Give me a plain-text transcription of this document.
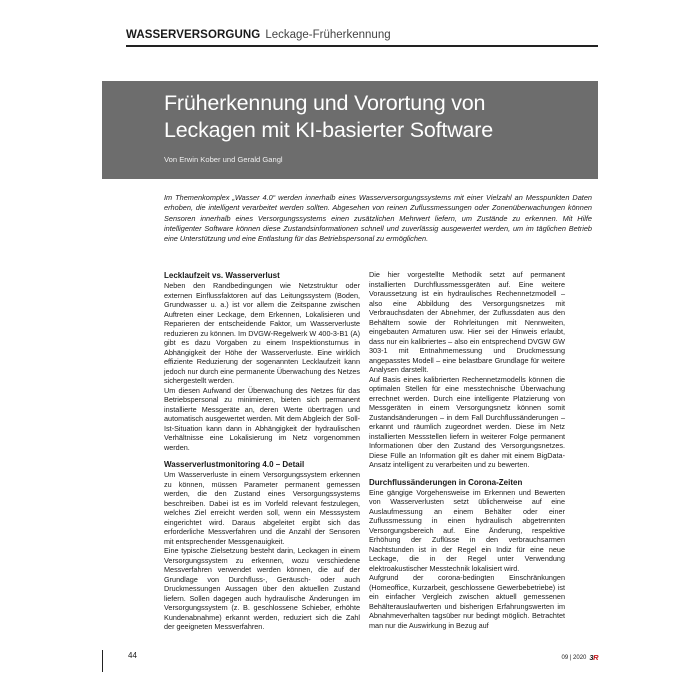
WASSERVERSORGUNG Leckage-Früherkennung
Früherkennung und Vorortung von
Leckagen mit KI-basierter Software
Von Erwin Kober und Gerald Gangl
Im Themenkomplex „Wasser 4.0“ werden innerhalb eines Wasserversorgungssystems mit einer Vielzahl an Messpunkten Daten erhoben, die intelligent verarbeitet werden sollten. Abgesehen von reinen Zuflussmessungen oder Zonenüberwachungen können Sensoren innerhalb eines Versorgungssystems einen zusätzlichen Mehrwert liefern, um Zustände zu erkennen. Mit Hilfe intelligenter Software können diese Zustandsinformationen schnell und zuverlässig ausgewertet werden, um im täglichen Betrieb eine Unterstützung und eine Entlastung für das Betriebspersonal zu ermöglichen.
Lecklaufzeit vs. Wasserverlust

Neben den Randbedingungen wie Netzstruktur oder externen Einflussfaktoren auf das Leitungssystem (Boden, Grundwasser u. a.) ist vor allem die Zeitspanne zwischen Auftreten einer Leckage, dem Erkennen, Lokalisieren und Reparieren der entscheidende Faktor, um Wasserverluste reduzieren zu können. Im DVGW-Regelwerk W 400-3-B1 (A) gibt es dazu Vorgaben zu einem Inspektionsturnus in Abhängigkeit der Höhe der Wasserverluste. Eine wirklich effiziente Reduzierung der sogenannten Lecklaufzeit kann jedoch nur durch eine permanente Überwachung des Netzes sichergestellt werden.

Um diesen Aufwand der Überwachung des Netzes für das Betriebspersonal zu minimieren, bieten sich permanent installierte Messgeräte an, deren Werte übertragen und automatisch ausgewertet werden. Mit dem Abgleich der Soll-Ist-Situation kann dann in Abhängigkeit der hydraulischen Verhältnisse eine Lokalisierung im Netz vorgenommen werden.

Wasserverlustmonitoring 4.0 – Detail

Um Wasserverluste in einem Versorgungssystem erkennen zu können, müssen Parameter permanent gemessen werden, die den Zustand eines Versorgungssystems beschreiben. Dabei ist es im Vorfeld relevant festzulegen, welches Ziel erreicht werden soll, wenn ein Messsystem eingerichtet wird. Daraus abgeleitet ergibt sich das erforderliche Messverfahren und die Anzahl der Sensoren mit entsprechender Messgenauigkeit.

Eine typische Zielsetzung besteht darin, Leckagen in einem Versorgungssystem zu erkennen, wozu verschiedene Messverfahren verwendet werden können, die auf der Grundlage von Durchfluss-, Geräusch- oder auch Druckmessungen Aussagen über den aktuellen Zustand liefern. Sollen dagegen auch hydraulische Änderungen im Versorgungssystem (z. B. geschlossene Schieber, erhöhte Kundenabnahme) erkannt werden, reduziert sich die Zahl der geeigneten Messverfahren.

Die hier vorgestellte Methodik setzt auf permanent installierten Durchflussmessgeräten auf. Eine weitere Voraussetzung ist ein hydraulisches Rechennetzmodell – also eine Abbildung des Versorgungsnetzes mit Verbrauchsdaten der Abnehmer, der Zuflussdaten aus den Behältern sowie der Rohrleitungen mit Nennweiten, eingebauten Armaturen usw. Hier sei der Hinweis erlaubt, dass nur ein kalibriertes – also ein entsprechend DVGW GW 303-1 mit Entnahmemessung und Druckmessung angepasstes Modell – eine belastbare Grundlage für weitere Analysen darstellt.

Auf Basis eines kalibrierten Rechennetzmodells können die optimalen Stellen für eine messtechnische Überwachung errechnet werden. Durch eine intelligente Platzierung von Messgeräten in einem Versorgungsnetz können somit Zustandsänderungen – in dem Fall Durchflussänderungen – erkannt und räumlich zugeordnet werden. Diese im Netz installierten Messstellen liefern in weiterer Folge permanent Informationen über den Zustand des Versorgungsnetzes. Diese Fülle an Information gilt es daher mit einem BigData-Ansatz intelligent zu verarbeiten und zu bewerten.

Durchflussänderungen in Corona-Zeiten

Eine gängige Vorgehensweise im Erkennen und Bewerten von Wasserverlusten setzt üblicherweise auf eine Auslaufmessung an einem Behälter oder einer Zuflussmessung in einen hydraulisch abgetrennten Versorgungsbereich auf. Eine Änderung, respektive Erhöhung der Zuflüsse in den verbrauchsarmen Nachtstunden ist in der Regel ein Indiz für eine neue Leckage, die in der Regel unter Verwendung elektroakustischer Messtechnik lokalisiert wird.

Aufgrund der corona-bedingten Einschränkungen (Homeoffice, Kurzarbeit, geschlossene Gewerbebetriebe) ist ein einfacher Vergleich zwischen aktuell gemessenen Behälterauslaufwerten und bisherigen Erfahrungswerten im Abnahmeverhalten tagsüber nur bedingt möglich. Betrachtet man nur die Auswirkung in Bezug auf

44	09 | 2020 3R
